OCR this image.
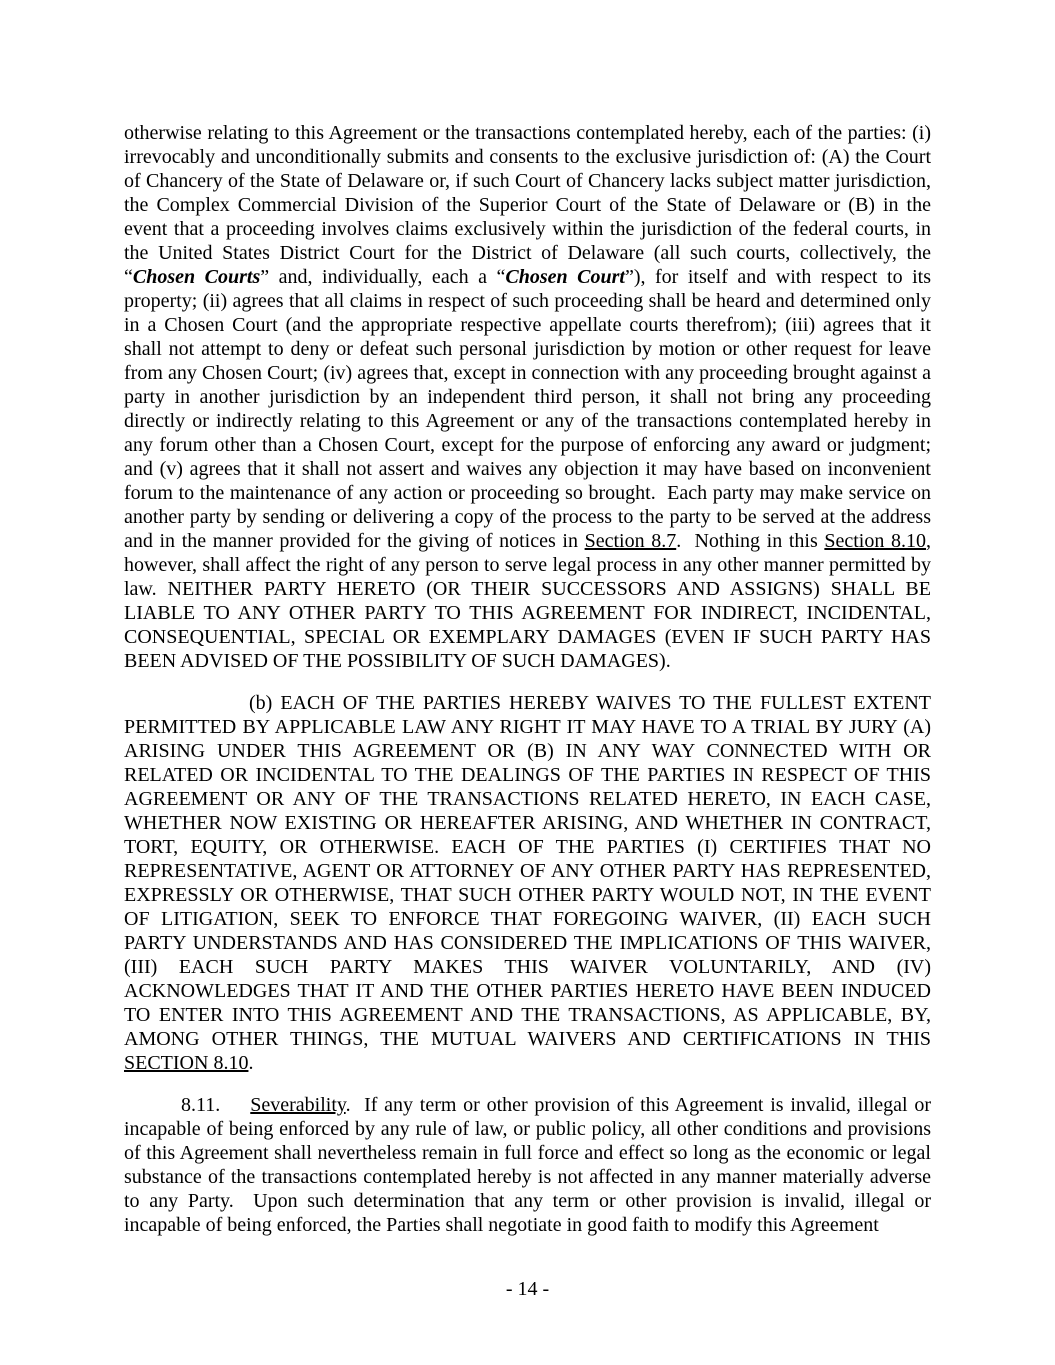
otherwise relating to this Agreement or the transactions contemplated hereby, each of the parties: (i) irrevocably and unconditionally submits and consents to the exclusive jurisdiction of: (A) the Court of Chancery of the State of Delaware or, if such Court of Chancery lacks subject matter jurisdiction, the Complex Commercial Division of the Superior Court of the State of Delaware or (B) in the event that a proceeding involves claims exclusively within the jurisdiction of the federal courts, in the United States District Court for the District of Delaware (all such courts, collectively, the “Chosen Courts” and, individually, each a “Chosen Court”), for itself and with respect to its property; (ii) agrees that all claims in respect of such proceeding shall be heard and determined only in a Chosen Court (and the appropriate respective appellate courts therefrom); (iii) agrees that it shall not attempt to deny or defeat such personal jurisdiction by motion or other request for leave from any Chosen Court; (iv) agrees that, except in connection with any proceeding brought against a party in another jurisdiction by an independent third person, it shall not bring any proceeding directly or indirectly relating to this Agreement or any of the transactions contemplated hereby in any forum other than a Chosen Court, except for the purpose of enforcing any award or judgment; and (v) agrees that it shall not assert and waives any objection it may have based on inconvenient forum to the maintenance of any action or proceeding so brought.  Each party may make service on another party by sending or delivering a copy of the process to the party to be served at the address and in the manner provided for the giving of notices in Section 8.7.  Nothing in this Section 8.10, however, shall affect the right of any person to serve legal process in any other manner permitted by law. NEITHER PARTY HERETO (OR THEIR SUCCESSORS AND ASSIGNS) SHALL BE LIABLE TO ANY OTHER PARTY TO THIS AGREEMENT FOR INDIRECT, INCIDENTAL, CONSEQUENTIAL, SPECIAL OR EXEMPLARY DAMAGES (EVEN IF SUCH PARTY HAS BEEN ADVISED OF THE POSSIBILITY OF SUCH DAMAGES).

(b) EACH OF THE PARTIES HEREBY WAIVES TO THE FULLEST EXTENT PERMITTED BY APPLICABLE LAW ANY RIGHT IT MAY HAVE TO A TRIAL BY JURY (A) ARISING UNDER THIS AGREEMENT OR (B) IN ANY WAY CONNECTED WITH OR RELATED OR INCIDENTAL TO THE DEALINGS OF THE PARTIES IN RESPECT OF THIS AGREEMENT OR ANY OF THE TRANSACTIONS RELATED HERETO, IN EACH CASE, WHETHER NOW EXISTING OR HEREAFTER ARISING, AND WHETHER IN CONTRACT, TORT, EQUITY, OR OTHERWISE. EACH OF THE PARTIES (I) CERTIFIES THAT NO REPRESENTATIVE, AGENT OR ATTORNEY OF ANY OTHER PARTY HAS REPRESENTED, EXPRESSLY OR OTHERWISE, THAT SUCH OTHER PARTY WOULD NOT, IN THE EVENT OF LITIGATION, SEEK TO ENFORCE THAT FOREGOING WAIVER, (II) EACH SUCH PARTY UNDERSTANDS AND HAS CONSIDERED THE IMPLICATIONS OF THIS WAIVER, (III) EACH SUCH PARTY MAKES THIS WAIVER VOLUNTARILY, AND (IV) ACKNOWLEDGES THAT IT AND THE OTHER PARTIES HERETO HAVE BEEN INDUCED TO ENTER INTO THIS AGREEMENT AND THE TRANSACTIONS, AS APPLICABLE, BY, AMONG OTHER THINGS, THE MUTUAL WAIVERS AND CERTIFICATIONS IN THIS SECTION 8.10.

8.11. Severability.  If any term or other provision of this Agreement is invalid, illegal or incapable of being enforced by any rule of law, or public policy, all other conditions and provisions of this Agreement shall nevertheless remain in full force and effect so long as the economic or legal substance of the transactions contemplated hereby is not affected in any manner materially adverse to any Party.  Upon such determination that any term or other provision is invalid, illegal or incapable of being enforced, the Parties shall negotiate in good faith to modify this Agreement

- 14 -
